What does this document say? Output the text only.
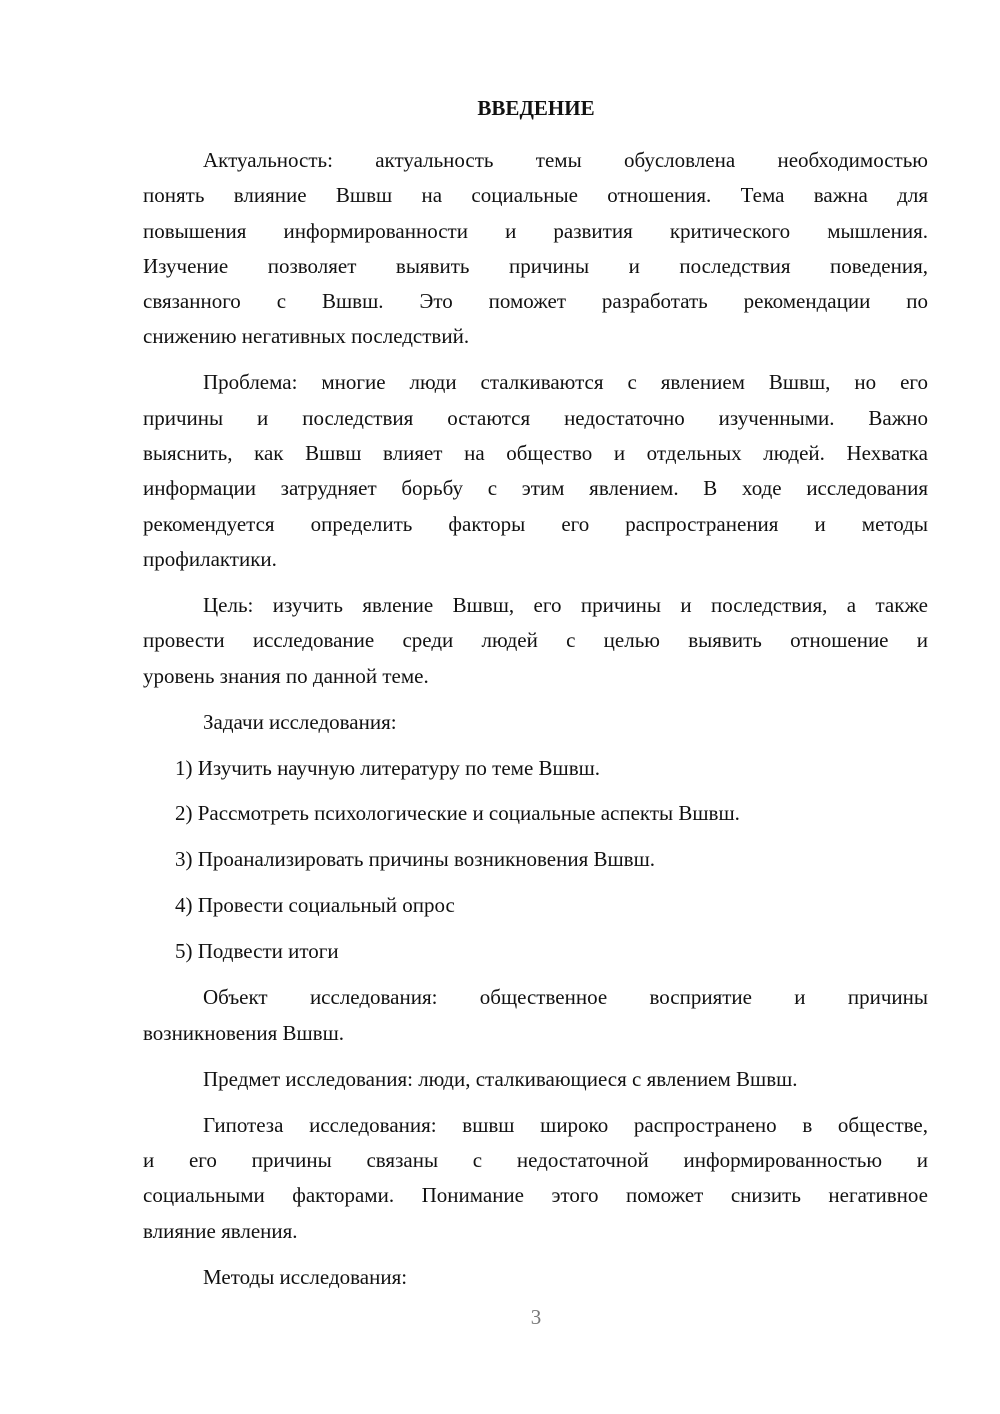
ВВЕДЕНИЕ
Актуальность: актуальность темы обусловлена необходимостью
понять влияние Вшвш на социальные отношения. Тема важна для
повышения информированности и развития критического мышления.
Изучение позволяет выявить причины и последствия поведения,
связанного с Вшвш. Это поможет разработать рекомендации по
снижению негативных последствий.
Проблема: многие люди сталкиваются с явлением Вшвш, но его
причины и последствия остаются недостаточно изученными. Важно
выяснить, как Вшвш влияет на общество и отдельных людей. Нехватка
информации затрудняет борьбу с этим явлением. В ходе исследования
рекомендуется определить факторы его распространения и методы
профилактики.
Цель: изучить явление Вшвш, его причины и последствия, а также
провести исследование среди людей с целью выявить отношение и
уровень знания по данной теме.
Задачи исследования:
1) Изучить научную литературу по теме Вшвш.
2) Рассмотреть психологические и социальные аспекты Вшвш.
3) Проанализировать причины возникновения Вшвш.
4) Провести социальный опрос
5) Подвести итоги
Объект исследования: общественное восприятие и причины
возникновения Вшвш.
Предмет исследования: люди, сталкивающиеся с явлением Вшвш.
Гипотеза исследования: вшвш широко распространено в обществе,
и его причины связаны с недостаточной информированностью и
социальными факторами. Понимание этого поможет снизить негативное
влияние явления.
Методы исследования:
3
